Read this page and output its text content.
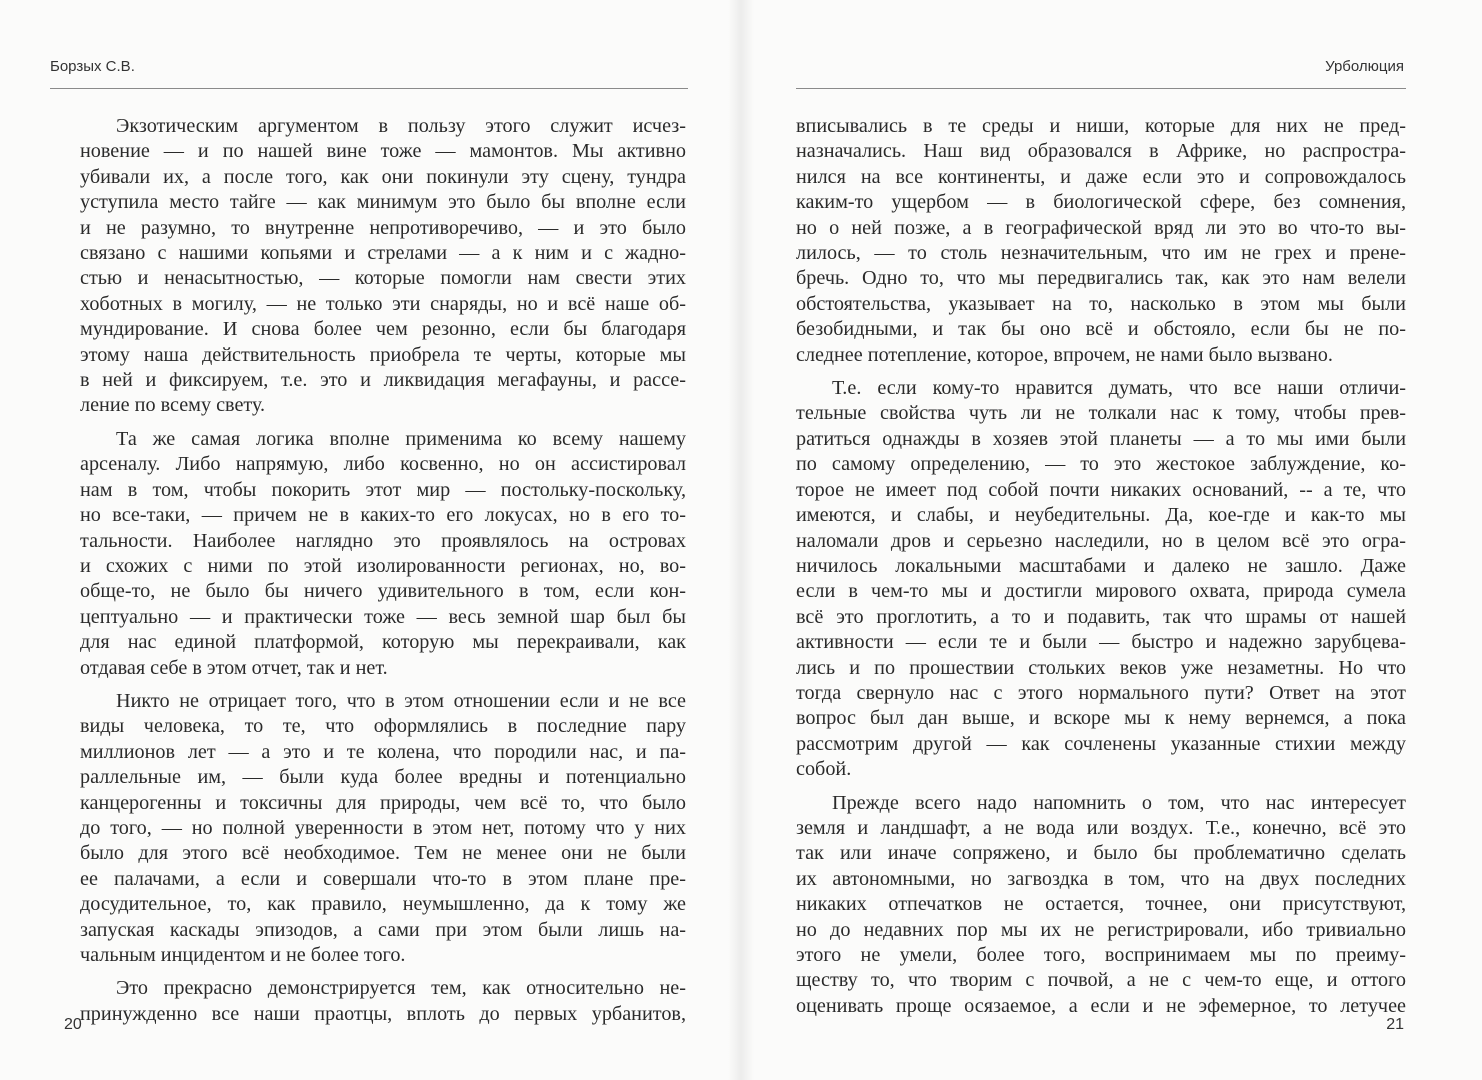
Борзых С.В.
Экзотическим аргументом в пользу этого служит исчез-
новение — и по нашей вине тоже — мамонтов. Мы активно
убивали их, а после того, как они покинули эту сцену, тундра
уступила место тайге — как минимум это было бы вполне если
и не разумно, то внутренне непротиворечиво, — и это было
связано с нашими копьями и стрелами — а к ним и с жадно-
стью и ненасытностью, — которые помогли нам свести этих
хоботных в могилу, — не только эти снаряды, но и всё наше об-
мундирование. И снова более чем резонно, если бы благодаря
этому наша действительность приобрела те черты, которые мы
в ней и фиксируем, т.е. это и ликвидация мегафауны, и рассе-
ление по всему свету.
Та же самая логика вполне применима ко всему нашему
арсеналу. Либо напрямую, либо косвенно, но он ассистировал
нам в том, чтобы покорить этот мир — постольку-поскольку,
но все-таки, — причем не в каких-то его локусах, но в его то-
тальности. Наиболее наглядно это проявлялось на островах
и схожих с ними по этой изолированности регионах, но, во-
обще-то, не было бы ничего удивительного в том, если кон-
цептуально — и практически тоже — весь земной шар был бы
для нас единой платформой, которую мы перекраивали, как
отдавая себе в этом отчет, так и нет.
Никто не отрицает того, что в этом отношении если и не все
виды человека, то те, что оформлялись в последние пару
миллионов лет — а это и те колена, что породили нас, и па-
раллельные им, — были куда более вредны и потенциально
канцерогенны и токсичны для природы, чем всё то, что было
до того, — но полной уверенности в этом нет, потому что у них
было для этого всё необходимое. Тем не менее они не были
ее палачами, а если и совершали что-то в этом плане пре-
досудительное, то, как правило, неумышленно, да к тому же
запуская каскады эпизодов, а сами при этом были лишь на-
чальным инцидентом и не более того.
Это прекрасно демонстрируется тем, как относительно не-
принужденно все наши праотцы, вплоть до первых урбанитов,
20
Урболюция
вписывались в те среды и ниши, которые для них не пред-
назначались. Наш вид образовался в Африке, но распростра-
нился на все континенты, и даже если это и сопровождалось
каким-то ущербом — в биологической сфере, без сомнения,
но о ней позже, а в географической вряд ли это во что-то вы-
лилось, — то столь незначительным, что им не грех и прене-
бречь. Одно то, что мы передвигались так, как это нам велели
обстоятельства, указывает на то, насколько в этом мы были
безобидными, и так бы оно всё и обстояло, если бы не по-
следнее потепление, которое, впрочем, не нами было вызвано.
Т.е. если кому-то нравится думать, что все наши отличи-
тельные свойства чуть ли не толкали нас к тому, чтобы прев-
ратиться однажды в хозяев этой планеты — а то мы ими были
по самому определению, — то это жестокое заблуждение, ко-
торое не имеет под собой почти никаких оснований, -- а те, что
имеются, и слабы, и неубедительны. Да, кое-где и как-то мы
наломали дров и серьезно наследили, но в целом всё это огра-
ничилось локальными масштабами и далеко не зашло. Даже
если в чем-то мы и достигли мирового охвата, природа сумела
всё это проглотить, а то и подавить, так что шрамы от нашей
активности — если те и были — быстро и надежно зарубцева-
лись и по прошествии стольких веков уже незаметны. Но что
тогда свернуло нас с этого нормального пути? Ответ на этот
вопрос был дан выше, и вскоре мы к нему вернемся, а пока
рассмотрим другой — как сочленены указанные стихии между
собой.
Прежде всего надо напомнить о том, что нас интересует
земля и ландшафт, а не вода или воздух. Т.е., конечно, всё это
так или иначе сопряжено, и было бы проблематично сделать
их автономными, но загвоздка в том, что на двух последних
никаких отпечатков не остается, точнее, они присутствуют,
но до недавних пор мы их не регистрировали, ибо тривиально
этого не умели, более того, воспринимаем мы по преиму-
ществу то, что творим с почвой, а не с чем-то еще, и оттого
оценивать проще осязаемое, а если и не эфемерное, то летучее
21
